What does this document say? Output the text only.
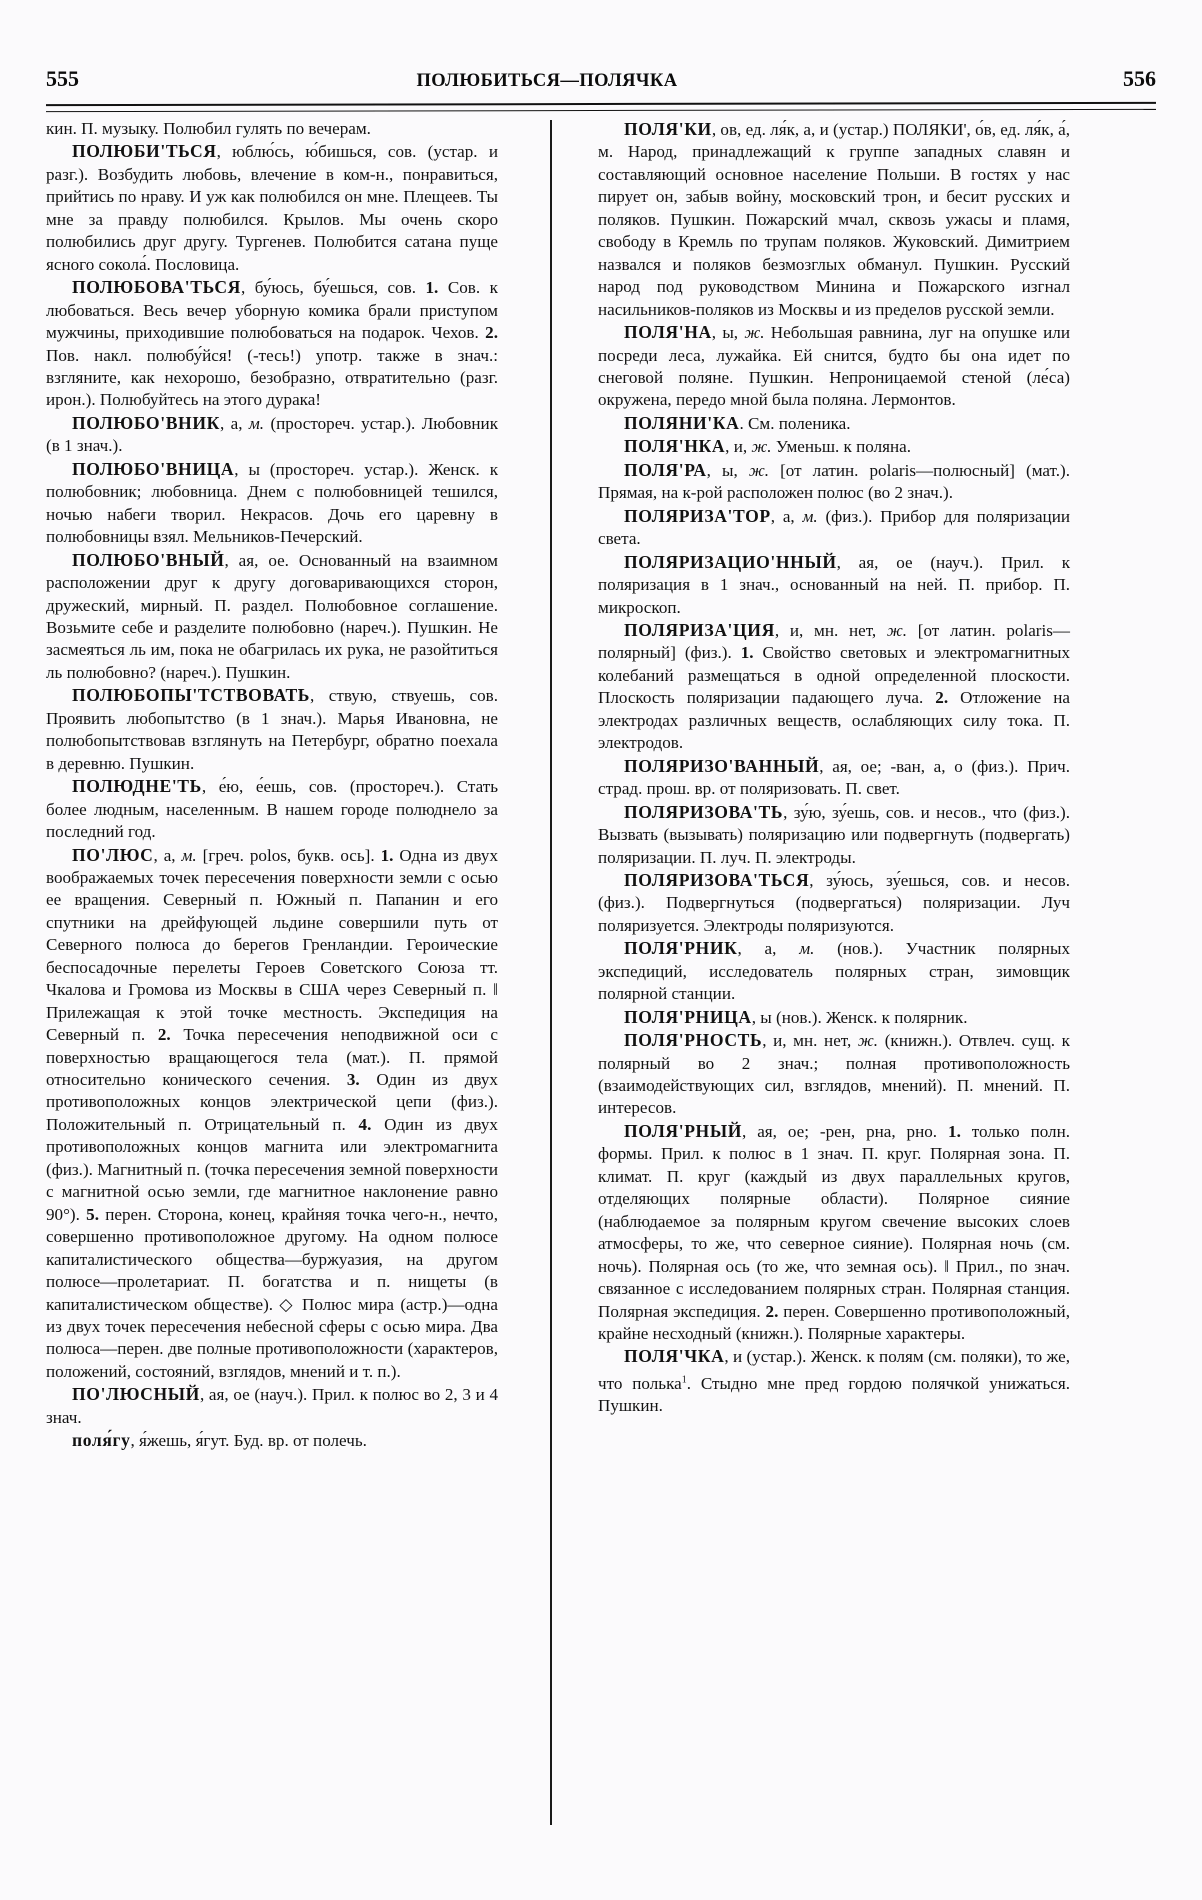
555	ПОЛЮБИТЬСЯ—ПОЛЯЧКА	556

кин. П. музыку. Полюбил гулять по вечерам.

ПОЛЮБИ'ТЬСЯ, юблю́сь, ю́бишься, сов. (устар. и разг.). Возбудить любовь, влечение в ком-н., понравиться, прийтись по нраву. И уж как полюбился он мне. Плещеев. Ты мне за правду полюбился. Крылов. Мы очень скоро полюбились друг другу. Тургенев. Полюбится сатана пуще ясного сокола́. Пословица.

ПОЛЮБОВА'ТЬСЯ, бу́юсь, бу́ешься, сов. 1. Сов. к любоваться. Весь вечер уборную комика брали приступом мужчины, приходившие полюбоваться на подарок. Чехов. 2. Пов. накл. полюбу́йся! (-тесь!) употр. также в знач.: взгляните, как нехорошо, безобразно, отвратительно (разг. ирон.). Полюбуйтесь на этого дурака!

ПОЛЮБО'ВНИК, а, м. (простореч. устар.). Любовник (в 1 знач.).

ПОЛЮБО'ВНИЦА, ы (простореч. устар.). Женск. к полюбовник; любовница. Днем с полюбовницей тешился, ночью набеги творил. Некрасов. Дочь его царевну в полюбовницы взял. Мельников-Печерский.

ПОЛЮБО'ВНЫЙ, ая, ое. Основанный на взаимном расположении друг к другу договаривающихся сторон, дружеский, мирный. П. раздел. Полюбовное соглашение. Возьмите себе и разделите полюбовно (нареч.). Пушкин. Не засмеяться ль им, пока не обагрилась их рука, не разойтиться ль полюбовно? (нареч.). Пушкин.

ПОЛЮБОПЫ'ТСТВОВАТЬ, ствую, ствуешь, сов. Проявить любопытство (в 1 знач.). Марья Ивановна, не полюбопытствовав взглянуть на Петербург, обратно поехала в деревню. Пушкин.

ПОЛЮДНЕ'ТЬ, е́ю, е́ешь, сов. (простореч.). Стать более людным, населенным. В нашем городе полюднело за последний год.

ПО'ЛЮС, а, м. [греч. polos, букв. ось]. 1. Одна из двух воображаемых точек пересечения поверхности земли с осью ее вращения. Северный п. Южный п. Папанин и его спутники на дрейфующей льдине совершили путь от Северного полюса до берегов Гренландии. Героические беспосадочные перелеты Героев Советского Союза тт. Чкалова и Громова из Москвы в США через Северный п. ‖ Прилежащая к этой точке местность. Экспедиция на Северный п. 2. Точка пересечения неподвижной оси с поверхностью вращающегося тела (мат.). П. прямой относительно конического сечения. 3. Один из двух противоположных концов электрической цепи (физ.). Положительный п. Отрицательный п. 4. Один из двух противоположных концов магнита или электромагнита (физ.). Магнитный п. (точка пересечения земной поверхности с магнитной осью земли, где магнитное наклонение равно 90°). 5. перен. Сторона, конец, крайняя точка чего-н., нечто, совершенно противоположное другому. На одном полюсе капиталистического общества—буржуазия, на другом полюсе—пролетариат. П. богатства и п. нищеты (в капиталистическом обществе). ◇ Полюс мира (астр.)—одна из двух точек пересечения небесной сферы с осью мира. Два полюса—перен. две полные противоположности (характеров, положений, состояний, взглядов, мнений и т. п.).

ПО'ЛЮСНЫЙ, ая, ое (науч.). Прил. к полюс во 2, 3 и 4 знач.

поля́гу, я́жешь, я́гут. Буд. вр. от полечь.

ПОЛЯ'КИ, ов, ед. ля́к, а, и (устар.) ПОЛЯКИ', о́в, ед. ля́к, а́, м. Народ, принадлежащий к группе западных славян и составляющий основное население Польши. В гостях у нас пирует он, забыв войну, московский трон, и бесит русских и поляков. Пушкин. Пожарский мчал, сквозь ужасы и пламя, свободу в Кремль по трупам поляков. Жуковский. Димитрием назвался и поляков безмозглых обманул. Пушкин. Русский народ под руководством Минина и Пожарского изгнал насильников-поляков из Москвы и из пределов русской земли.

ПОЛЯ'НА, ы, ж. Небольшая равнина, луг на опушке или посреди леса, лужайка. Ей снится, будто бы она идет по снеговой поляне. Пушкин. Непроницаемой стеной (ле́са) окружена, передо мной была поляна. Лермонтов.

ПОЛЯНИ'КА. См. поленика.

ПОЛЯ'НКА, и, ж. Уменьш. к поляна.

ПОЛЯ'РА, ы, ж. [от латин. polaris—полюсный] (мат.). Прямая, на к-рой расположен полюс (во 2 знач.).

ПОЛЯРИЗА'ТОР, а, м. (физ.). Прибор для поляризации света.

ПОЛЯРИЗАЦИО'ННЫЙ, ая, ое (науч.). Прил. к поляризация в 1 знач., основанный на ней. П. прибор. П. микроскоп.

ПОЛЯРИЗА'ЦИЯ, и, мн. нет, ж. [от латин. polaris—полярный] (физ.). 1. Свойство световых и электромагнитных колебаний размещаться в одной определенной плоскости. Плоскость поляризации падающего луча. 2. Отложение на электродах различных веществ, ослабляющих силу тока. П. электродов.

ПОЛЯРИЗО'ВАННЫЙ, ая, ое; -ван, а, о (физ.). Прич. страд. прош. вр. от поляризовать. П. свет.

ПОЛЯРИЗОВА'ТЬ, зу́ю, зу́ешь, сов. и несов., что (физ.). Вызвать (вызывать) поляризацию или подвергнуть (подвергать) поляризации. П. луч. П. электроды.

ПОЛЯРИЗОВА'ТЬСЯ, зу́юсь, зу́ешься, сов. и несов. (физ.). Подвергнуться (подвергаться) поляризации. Луч поляризуется. Электроды поляризуются.

ПОЛЯ'РНИК, а, м. (нов.). Участник полярных экспедиций, исследователь полярных стран, зимовщик полярной станции.

ПОЛЯ'РНИЦА, ы (нов.). Женск. к полярник.

ПОЛЯ'РНОСТЬ, и, мн. нет, ж. (книжн.). Отвлеч. сущ. к полярный во 2 знач.; полная противоположность (взаимодействующих сил, взглядов, мнений). П. мнений. П. интересов.

ПОЛЯ'РНЫЙ, ая, ое; -рен, рна, рно. 1. только полн. формы. Прил. к полюс в 1 знач. П. круг. Полярная зона. П. климат. П. круг (каждый из двух параллельных кругов, отделяющих полярные области). Полярное сияние (наблюдаемое за полярным кругом свечение высоких слоев атмосферы, то же, что северное сияние). Полярная ночь (см. ночь). Полярная ось (то же, что земная ось). ‖ Прил., по знач. связанное с исследованием полярных стран. Полярная станция. Полярная экспедиция. 2. перен. Совершенно противоположный, крайне несходный (книжн.). Полярные характеры.

ПОЛЯ'ЧКА, и (устар.). Женск. к полям (см. поляки), то же, что полька$^1$. Стыдно мне пред гордою полячкой унижаться. Пушкин.
